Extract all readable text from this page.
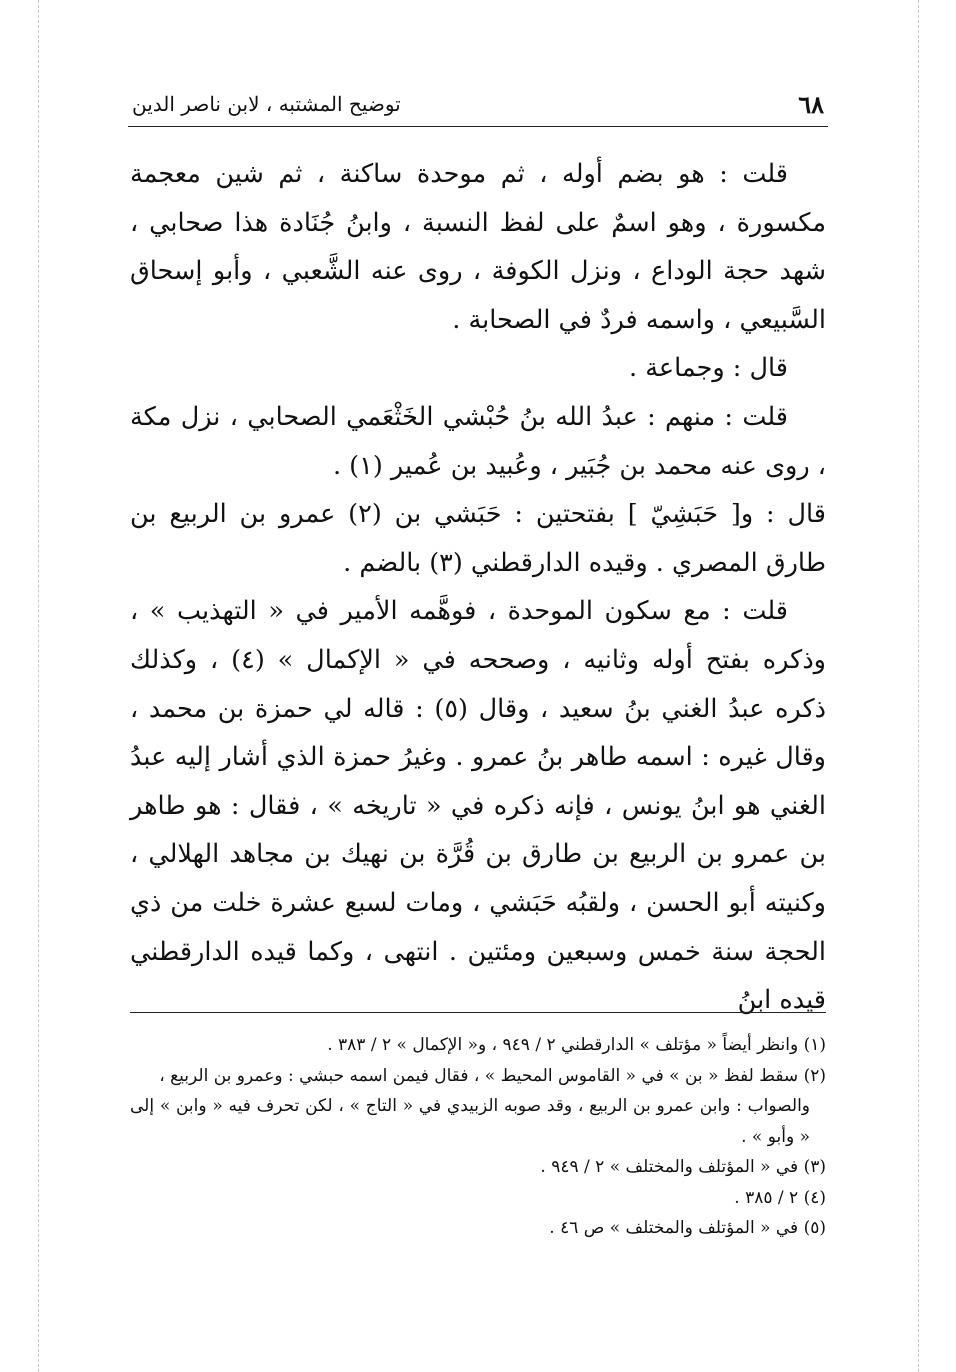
٦٨
توضيح المشتبه ، لابن ناصر الدين

قلت : هو بضم أوله ، ثم موحدة ساكنة ، ثم شين معجمة مكسورة ، وهو اسمٌ على لفظ النسبة ، وابنُ جُنَادة هذا صحابي ، شهد حجة الوداع ، ونزل الكوفة ، روى عنه الشَّعبي ، وأبو إسحاق السَّبيعي ، واسمه فردٌ في الصحابة .

قال : وجماعة .

قلت : منهم : عبدُ الله بنُ حُبْشي الخَثْعَمي الصحابي ، نزل مكة ، روى عنه محمد بن جُبَير ، وعُبيد بن عُمير (١) .

قال : و[ حَبَشِيّ ] بفتحتين : حَبَشي بن (٢) عمرو بن الربيع بن طارق المصري . وقيده الدارقطني (٣) بالضم .

قلت : مع سكون الموحدة ، فوهَّمه الأمير في « التهذيب » ، وذكره بفتح أوله وثانيه ، وصححه في « الإكمال » (٤) ، وكذلك ذكره عبدُ الغني بنُ سعيد ، وقال (٥) : قاله لي حمزة بن محمد ، وقال غيره : اسمه طاهر بنُ عمرو . وغيرُ حمزة الذي أشار إليه عبدُ الغني هو ابنُ يونس ، فإنه ذكره في « تاريخه » ، فقال : هو طاهر بن عمرو بن الربيع بن طارق بن قُرَّة بن نهيك بن مجاهد الهلالي ، وكنيته أبو الحسن ، ولقبُه حَبَشي ، ومات لسبع عشرة خلت من ذي الحجة سنة خمس وسبعين ومئتين . انتهى ، وكما قيده الدارقطني قيده ابنُ

(١) وانظر أيضاً « مؤتلف » الدارقطني ٢ / ٩٤٩ ، و« الإكمال » ٢ / ٣٨٣ .

(٢) سقط لفظ « بن » في « القاموس المحيط » ، فقال فيمن اسمه حبشي : وعمرو بن الربيع ،

والصواب : وابن عمرو بن الربيع ، وقد صوبه الزبيدي في « التاج » ، لكن تحرف فيه « وابن » إلى « وأبو » .

(٣) في « المؤتلف والمختلف » ٢ / ٩٤٩ .

(٤) ٢ / ٣٨٥ .

(٥) في « المؤتلف والمختلف » ص ٤٦ .
